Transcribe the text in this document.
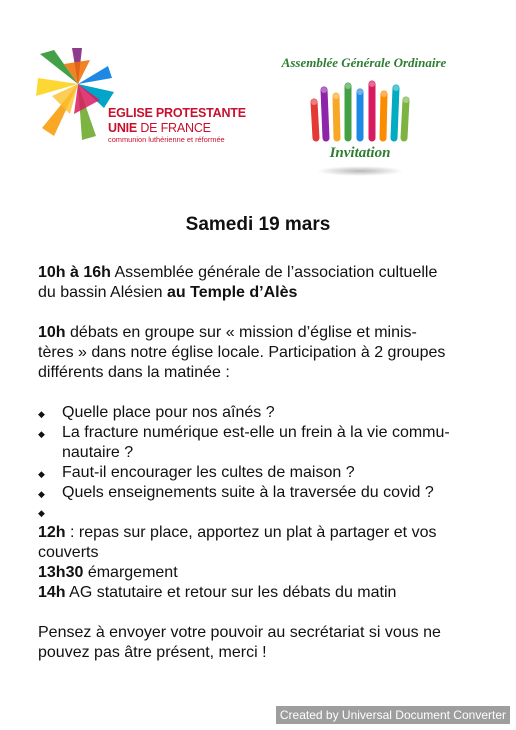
EGLISE PROTESTANTE
UNIE DE FRANCE
communion luthérienne et réformée
Assemblée Générale Ordinaire
Invitation
Samedi 19 mars
10h à 16h Assemblée générale de l’association cultuelle
du bassin Alésien au Temple d’Alès
10h débats en groupe sur « mission d’église et minis-
tères » dans notre église locale. Participation à 2 groupes
différents dans la matinée :
◆ Quelle place pour nos aînés ?
◆ La fracture numérique est-elle un frein à la vie commu-
nautaire ?
◆ Faut-il encourager les cultes de maison ?
◆ Quels enseignements suite à la traversée du covid ?
◆
12h : repas sur place, apportez un plat à partager et vos
couverts
13h30 émargement
14h AG statutaire et retour sur les débats du matin
Pensez à envoyer votre pouvoir au secrétariat si vous ne
pouvez pas âtre présent, merci !
Created by Universal Document Converter
